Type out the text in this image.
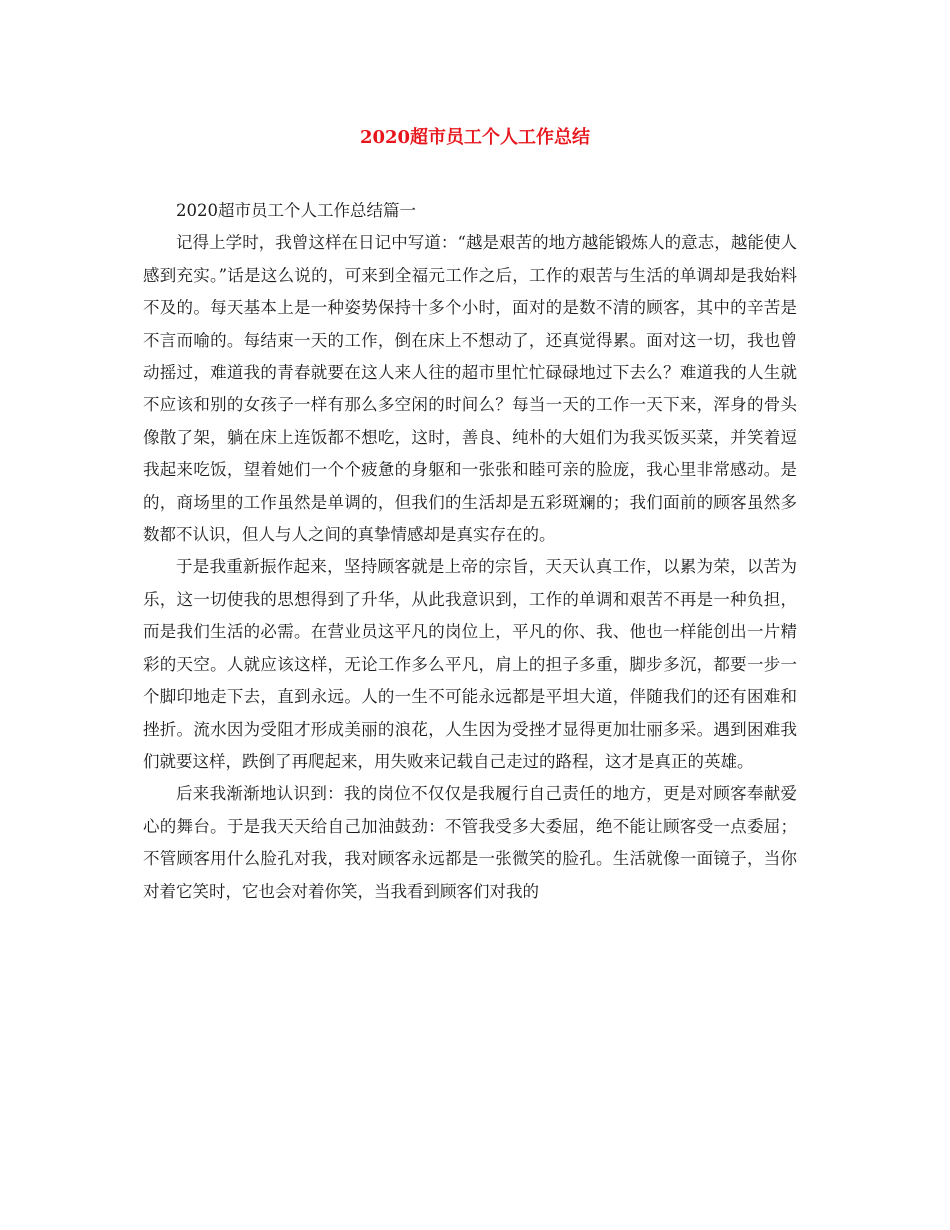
2020超市员工个人工作总结

2020超市员工个人工作总结篇一

记得上学时，我曾这样在日记中写道：“越是艰苦的地方越能锻炼人的意志，越能使人感到充实。”话是这么说的，可来到全福元工作之后，工作的艰苦与生活的单调却是我始料不及的。每天基本上是一种姿势保持十多个小时，面对的是数不清的顾客，其中的辛苦是不言而喻的。每结束一天的工作，倒在床上不想动了，还真觉得累。面对这一切，我也曾动摇过，难道我的青春就要在这人来人往的超市里忙忙碌碌地过下去么？难道我的人生就不应该和别的女孩子一样有那么多空闲的时间么？每当一天的工作一天下来，浑身的骨头像散了架，躺在床上连饭都不想吃，这时，善良、纯朴的大姐们为我买饭买菜，并笑着逗我起来吃饭，望着她们一个个疲惫的身躯和一张张和睦可亲的脸庞，我心里非常感动。是的，商场里的工作虽然是单调的，但我们的生活却是五彩斑斓的；我们面前的顾客虽然多数都不认识，但人与人之间的真挚情感却是真实存在的。

于是我重新振作起来，坚持顾客就是上帝的宗旨，天天认真工作，以累为荣，以苦为乐，这一切使我的思想得到了升华，从此我意识到，工作的单调和艰苦不再是一种负担，而是我们生活的必需。在营业员这平凡的岗位上，平凡的你、我、他也一样能创出一片精彩的天空。人就应该这样，无论工作多么平凡，肩上的担子多重，脚步多沉，都要一步一个脚印地走下去，直到永远。人的一生不可能永远都是平坦大道，伴随我们的还有困难和挫折。流水因为受阻才形成美丽的浪花，人生因为受挫才显得更加壮丽多采。遇到困难我们就要这样，跌倒了再爬起来，用失败来记载自己走过的路程，这才是真正的英雄。

后来我渐渐地认识到：我的岗位不仅仅是我履行自己责任的地方，更是对顾客奉献爱心的舞台。于是我天天给自己加油鼓劲：不管我受多大委屈，绝不能让顾客受一点委屈；不管顾客用什么脸孔对我，我对顾客永远都是一张微笑的脸孔。生活就像一面镜子，当你对着它笑时，它也会对着你笑，当我看到顾客们对我的
